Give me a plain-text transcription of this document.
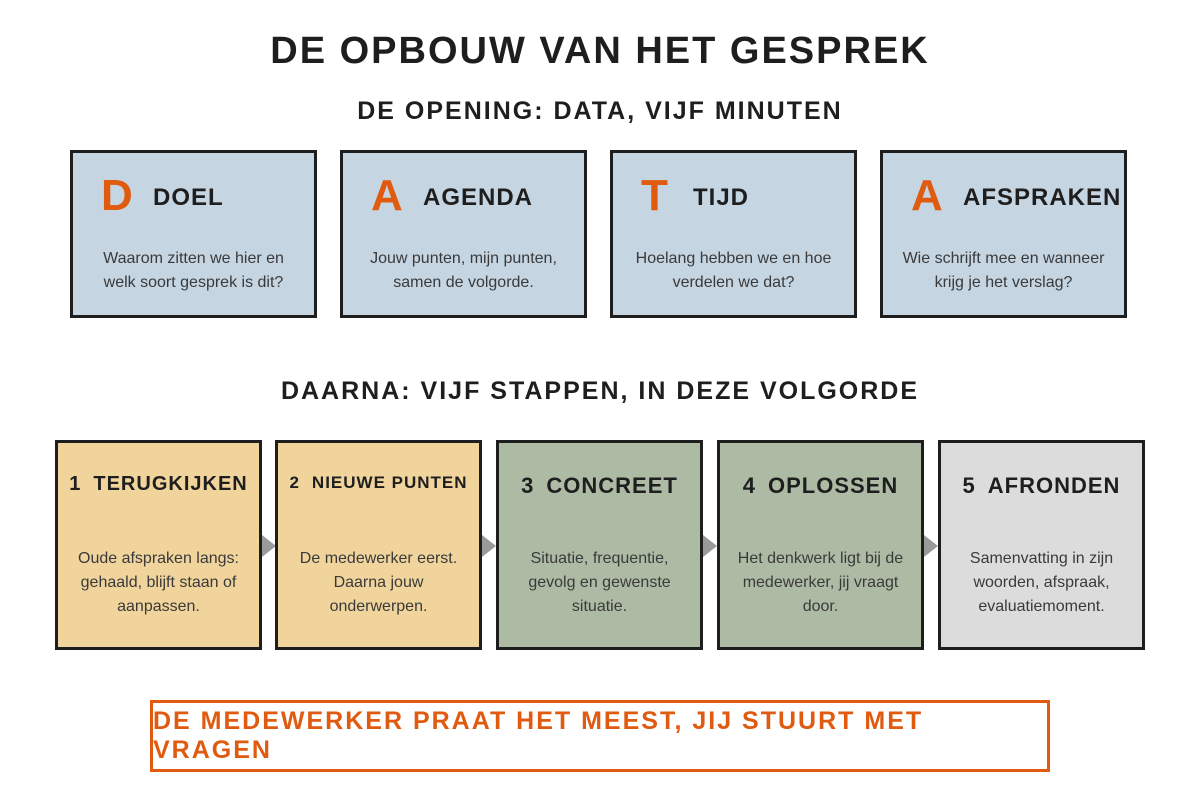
DE OPBOUW VAN HET GESPREK
DE OPENING: DATA, VIJF MINUTEN
D DOEL
Waarom zitten we hier en welk soort gesprek is dit?
A AGENDA
Jouw punten, mijn punten, samen de volgorde.
T TIJD
Hoelang hebben we en hoe verdelen we dat?
A AFSPRAKEN
Wie schrijft mee en wanneer krijg je het verslag?
DAARNA: VIJF STAPPEN, IN DEZE VOLGORDE
1 TERUGKIJKEN
Oude afspraken langs: gehaald, blijft staan of aanpassen.
2 NIEUWE PUNTEN
De medewerker eerst. Daarna jouw onderwerpen.
3 CONCREET
Situatie, frequentie, gevolg en gewenste situatie.
4 OPLOSSEN
Het denkwerk ligt bij de medewerker, jij vraagt door.
5 AFRONDEN
Samenvatting in zijn woorden, afspraak, evaluatiemoment.
DE MEDEWERKER PRAAT HET MEEST, JIJ STUURT MET VRAGEN
